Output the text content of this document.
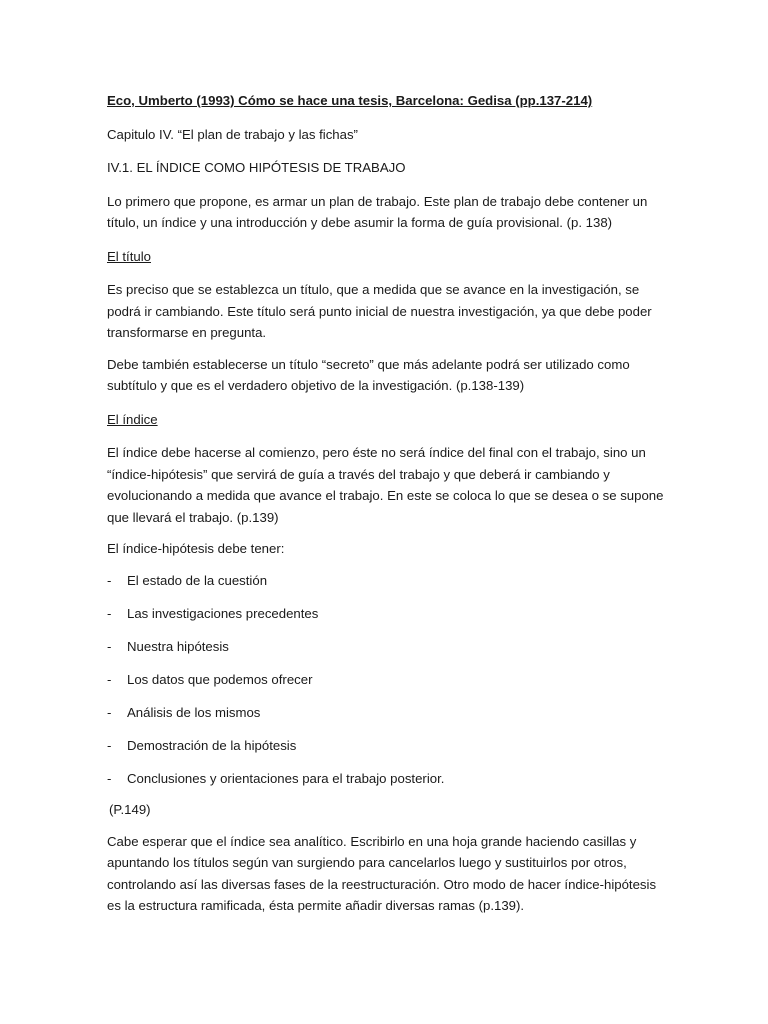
Eco, Umberto (1993) Cómo se hace una tesis, Barcelona: Gedisa (pp.137-214)

Capitulo IV. “El plan de trabajo y las fichas”

IV.1. EL ÍNDICE COMO HIPÓTESIS DE TRABAJO

Lo primero que propone, es armar un plan de trabajo. Este plan de trabajo debe contener un título, un índice y una introducción y debe asumir la forma de guía provisional. (p. 138)

El título

Es preciso que se establezca un título, que a medida que se avance en la investigación, se podrá ir cambiando. Este título será punto inicial de nuestra investigación, ya que debe poder transformarse en pregunta.

Debe también establecerse un título “secreto” que más adelante podrá ser utilizado como subtítulo y que es el verdadero objetivo de la investigación. (p.138-139)

El índice

El índice debe hacerse al comienzo, pero éste no será índice del final con el trabajo, sino un “índice-hipótesis” que servirá de guía a través del trabajo y que deberá ir cambiando y evolucionando a medida que avance el trabajo. En este se coloca lo que se desea o se supone que llevará el trabajo. (p.139)

El índice-hipótesis debe tener:

- El estado de la cuestión
- Las investigaciones precedentes
- Nuestra hipótesis
- Los datos que podemos ofrecer
- Análisis de los mismos
- Demostración de la hipótesis
- Conclusiones y orientaciones para el trabajo posterior.

(P.149)

Cabe esperar que el índice sea analítico. Escribirlo en una hoja grande haciendo casillas y apuntando los títulos según van surgiendo para cancelarlos luego y sustituirlos por otros, controlando así las diversas fases de la reestructuración. Otro modo de hacer índice-hipótesis es la estructura ramificada, ésta permite añadir diversas ramas (p.139).
